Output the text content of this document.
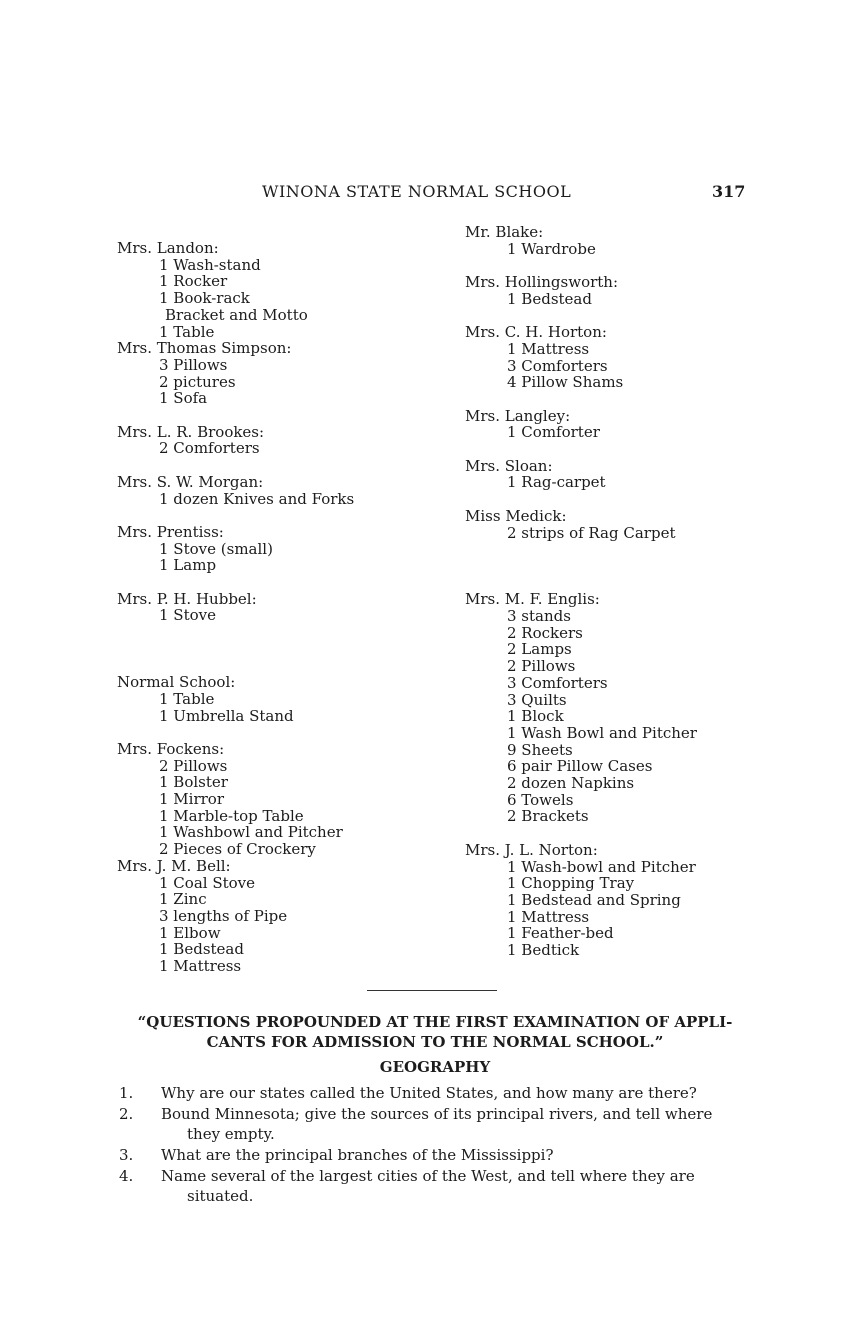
WINONA STATE NORMAL SCHOOL	317
Mrs. Landon:
1 Wash-stand
1 Rocker
1 Book-rack
Bracket and Motto
1 Table
Mrs. Thomas Simpson:
3 Pillows
2 pictures
1 Sofa
Mrs. L. R. Brookes:
2 Comforters
Mrs. S. W. Morgan:
1 dozen Knives and Forks
Mrs. Prentiss:
1 Stove (small)
1 Lamp
Mrs. P. H. Hubbel:
1 Stove
Normal School:
1 Table
1 Umbrella Stand
Mrs. Fockens:
2 Pillows
1 Bolster
1 Mirror
1 Marble-top Table
1 Washbowl and Pitcher
2 Pieces of Crockery
Mrs. J. M. Bell:
1 Coal Stove
1 Zinc
3 lengths of Pipe
1 Elbow
1 Bedstead
1 Mattress
Mr. Blake:
1 Wardrobe
Mrs. Hollingsworth:
1 Bedstead
Mrs. C. H. Horton:
1 Mattress
3 Comforters
4 Pillow Shams
Mrs. Langley:
1 Comforter
Mrs. Sloan:
1 Rag-carpet
Miss Medick:
2 strips of Rag Carpet
Mrs. M. F. Englis:
3 stands
2 Rockers
2 Lamps
2 Pillows
3 Comforters
3 Quilts
1 Block
1 Wash Bowl and Pitcher
9 Sheets
6 pair Pillow Cases
2 dozen Napkins
6 Towels
2 Brackets
Mrs. J. L. Norton:
1 Wash-bowl and Pitcher
1 Chopping Tray
1 Bedstead and Spring
1 Mattress
1 Feather-bed
1 Bedtick
“QUESTIONS PROPOUNDED AT THE FIRST EXAMINATION OF APPLI-
CANTS FOR ADMISSION TO THE NORMAL SCHOOL.”
GEOGRAPHY
1. Why are our states called the United States, and how many are there?
2. Bound Minnesota; give the sources of its principal rivers, and tell where
they empty.
3. What are the principal branches of the Mississippi?
4. Name several of the largest cities of the West, and tell where they are
situated.
